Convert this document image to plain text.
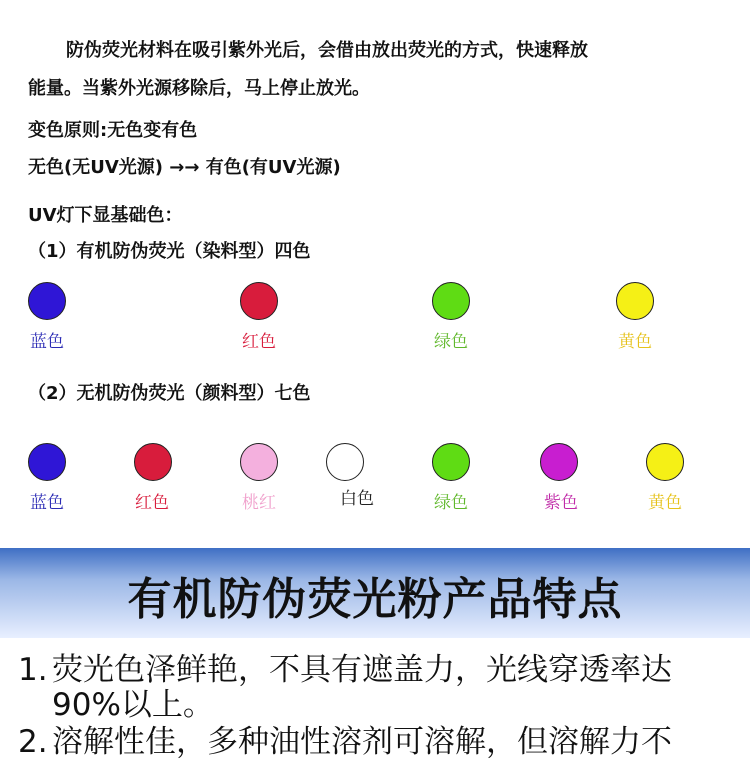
防伪荧光材料在吸引紫外光后，会借由放出荧光的方式，快速释放
能量。当紫外光源移除后，马上停止放光。
变色原则:无色变有色
无色(无UV光源) →→ 有色(有UV光源)
UV灯下显基础色：
（1）有机防伪荧光（染料型）四色
蓝色	红色	绿色	黄色
（2）无机防伪荧光（颜料型）七色
蓝色	红色	桃红	白色	绿色	紫色	黄色
有机防伪荧光粉产品特点
1. 荧光色泽鲜艳，不具有遮盖力，光线穿透率达
90%以上。
2. 溶解性佳，多种油性溶剂可溶解，但溶解力不
